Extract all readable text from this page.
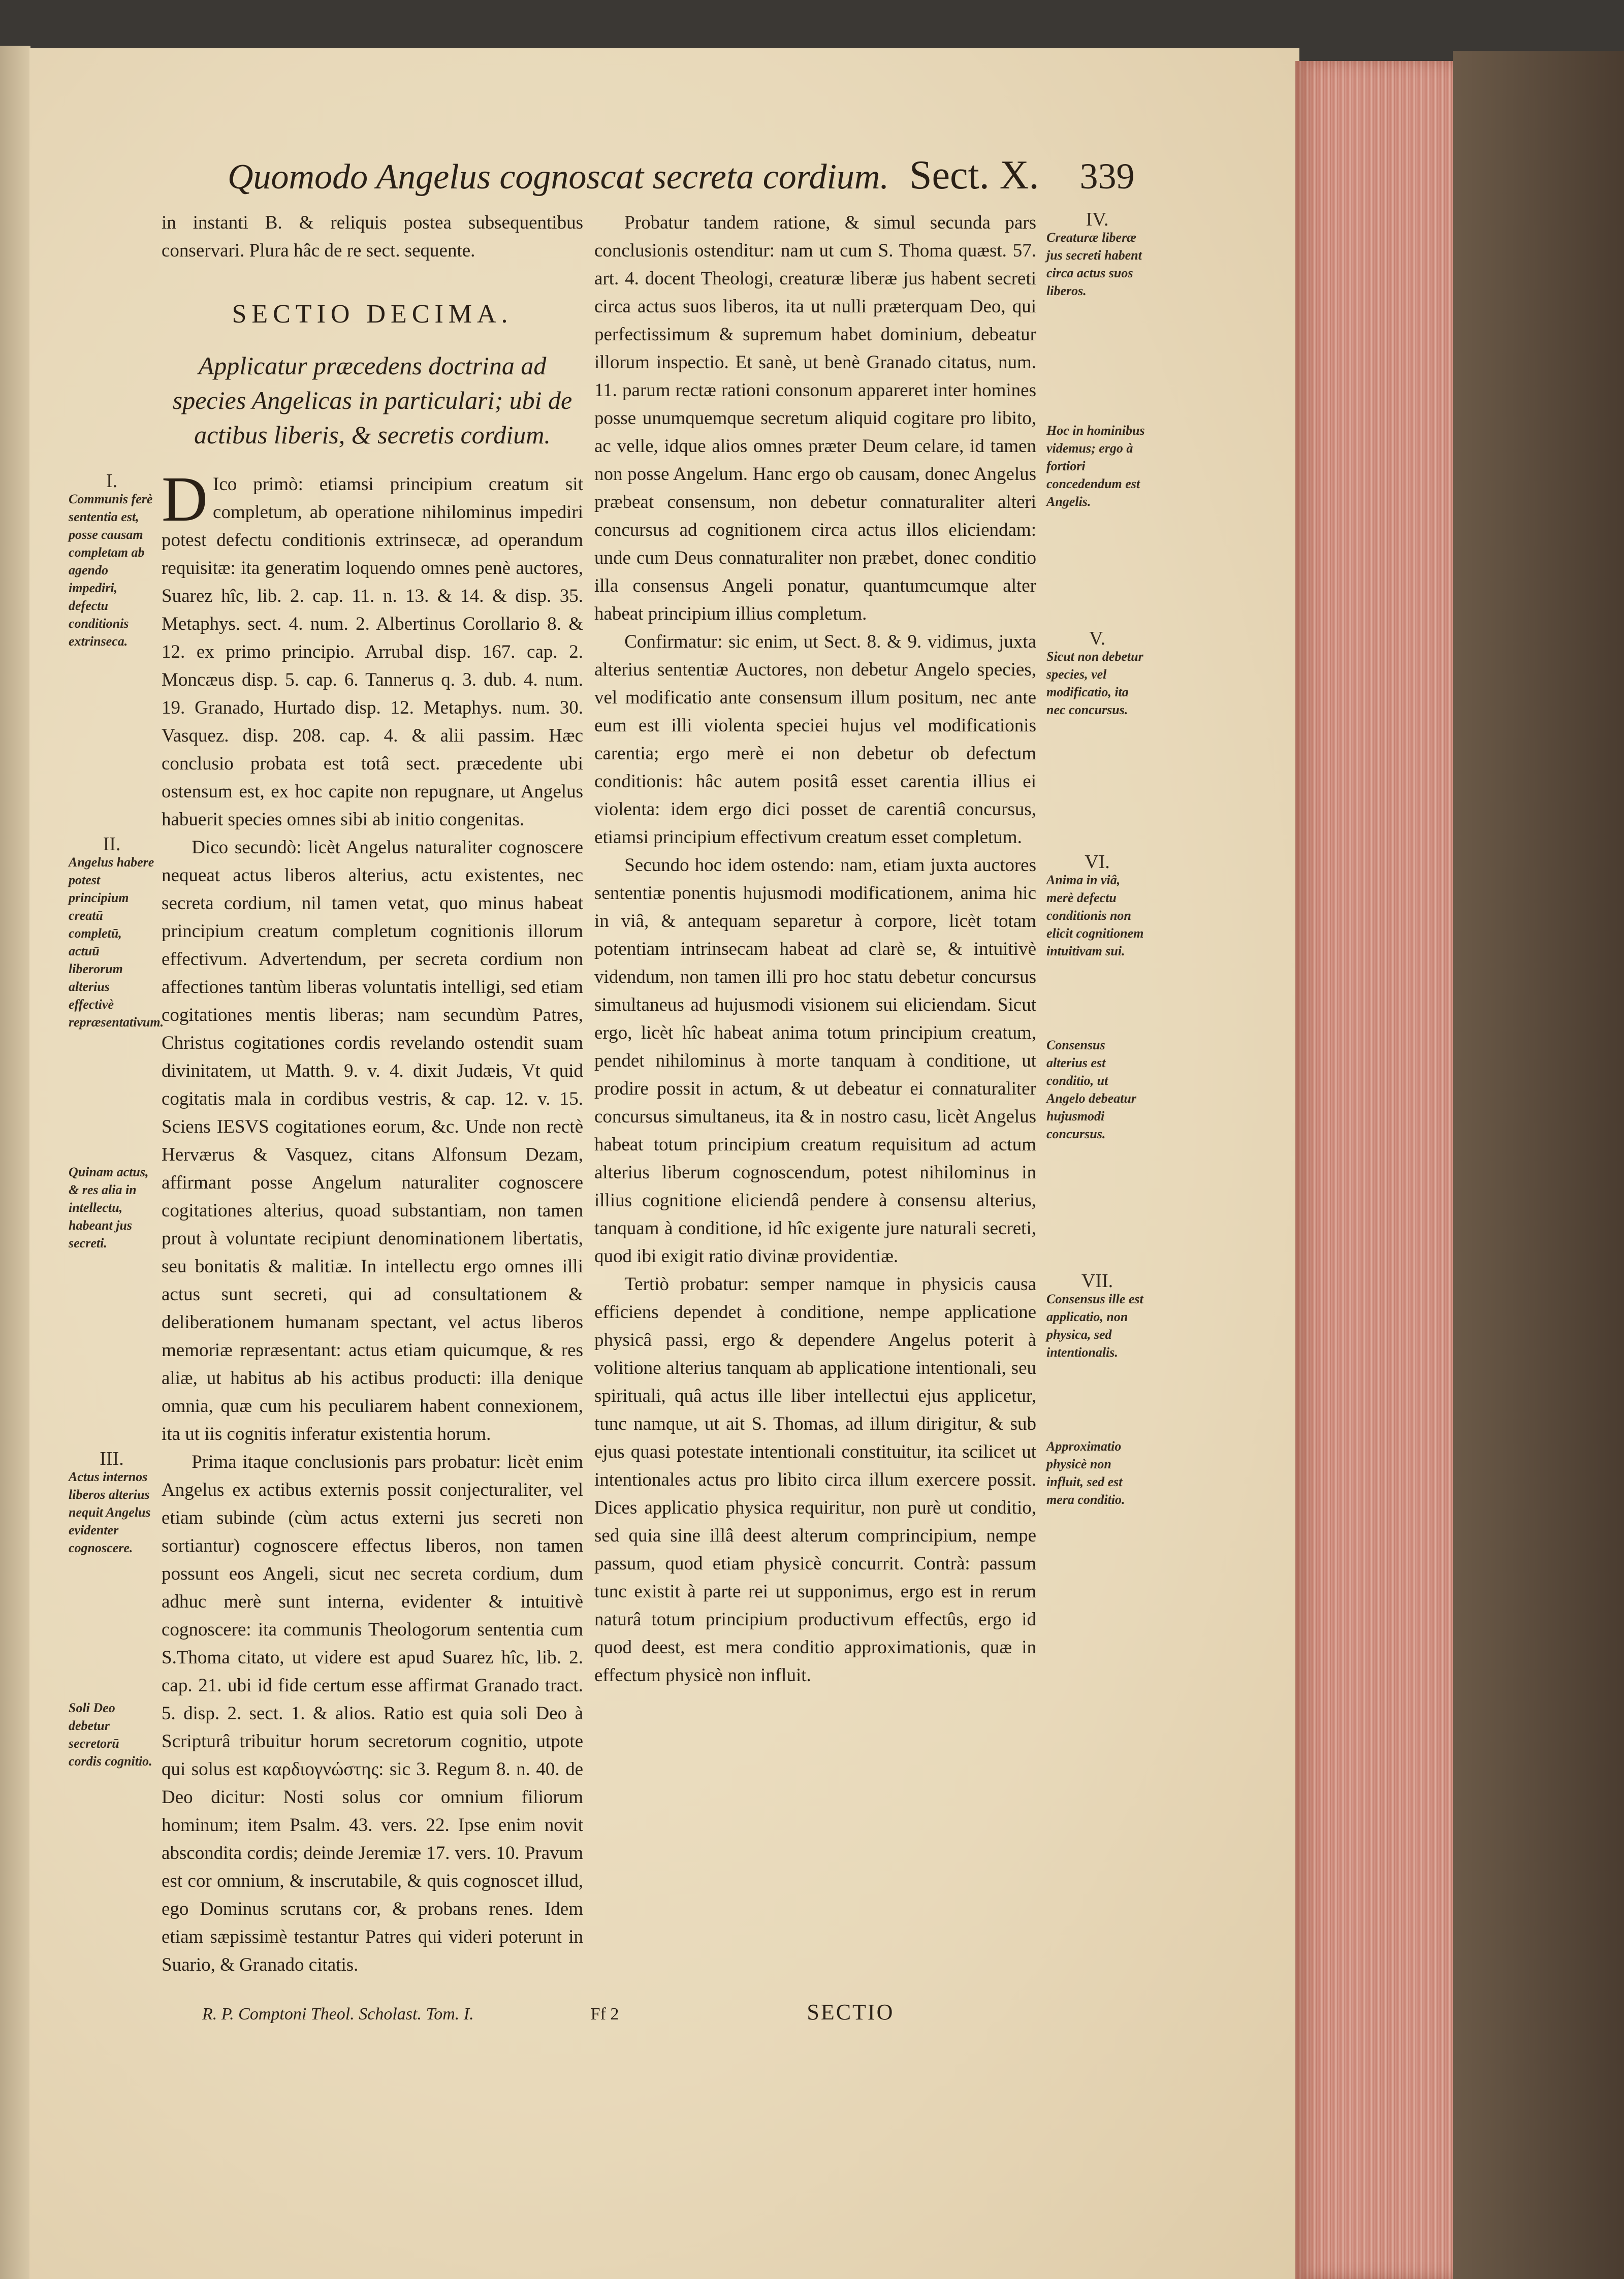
Quomodo Angelus cognoscat secreta cordium. Sect. X. 339

in instanti B. & reliquis postea subsequentibus conservari. Plura hâc de re sect. sequente.

SECTIO DECIMA.
Applicatur præcedens doctrina ad species Angelicas in particulari; ubi de actibus liberis, & secretis cordium.
I.
Communis ferè sententia est, posse causam completam ab agendo impediri, defectu conditionis extrinseca.
D Ico primò: etiamsi principium creatum sit completum, ab operatione nihilominus impediri potest defectu conditionis extrinsecæ, ad operandum requisitæ: ita generatim loquendo omnes penè auctores, Suarez hîc, lib. 2. cap. 11. n. 13. & 14. & disp. 35. Metaphys. sect. 4. num. 2. Albertinus Corollario 8. & 12. ex primo principio. Arrubal disp. 167. cap. 2. Moncæus disp. 5. cap. 6. Tannerus q. 3. dub. 4. num. 19. Granado, Hurtado disp. 12. Metaphys. num. 30. Vasquez. disp. 208. cap. 4. & alii passim. Hæc conclusio probata est totâ sect. præcedente ubi ostensum est, ex hoc capite non repugnare, ut Angelus habuerit species omnes sibi ab initio congenitas.
II.
Angelus habere potest principium creatū completū, actuū liberorum alterius effectivè repræsentativum.
Quinam actus, & res alia in intellectu, habeant jus secreti.

Dico secundò: licèt Angelus naturaliter cognoscere nequeat actus liberos alterius, actu existentes, nec secreta cordium, nil tamen vetat, quo minus habeat principium creatum completum cognitionis illorum effectivum. Advertendum, per secreta cordium non affectiones tantùm liberas voluntatis intelligi, sed etiam cogitationes mentis liberas; nam secundùm Patres, Christus cogitationes cordis revelando ostendit suam divinitatem, ut Matth. 9. v. 4. dixit Judæis, Vt quid cogitatis mala in cordibus vestris, & cap. 12. v. 15. Sciens IESVS cogitationes eorum, &c. Unde non rectè Herværus & Vasquez, citans Alfonsum Dezam, affirmant posse Angelum naturaliter cognoscere cogitationes alterius, quoad substantiam, non tamen prout à voluntate recipiunt denominationem libertatis, seu bonitatis & malitiæ. In intellectu ergo omnes illi actus sunt secreti, qui ad consultationem & deliberationem humanam spectant, vel actus liberos memoriæ repræsentant: actus etiam quicumque, & res aliæ, ut habitus ab his actibus producti: illa denique omnia, quæ cum his peculiarem habent connexionem, ita ut iis cognitis inferatur existentia horum.

III.
Actus internos liberos alterius nequit Angelus evidenter cognoscere.
Soli Deo debetur secretorū cordis cognitio.

Prima itaque conclusionis pars probatur: licèt enim Angelus ex actibus externis possit conjecturaliter, vel etiam subinde (cùm actus externi jus secreti non sortiantur) cognoscere effectus liberos, non tamen possunt eos Angeli, sicut nec secreta cordium, dum adhuc merè sunt interna, evidenter & intuitivè cognoscere: ita communis Theologorum sententia cum S.Thoma citato, ut videre est apud Suarez hîc, lib. 2. cap. 21. ubi id fide certum esse affirmat Granado tract. 5. disp. 2. sect. 1. & alios. Ratio est quia soli Deo à Scripturâ tribuitur horum secretorum cognitio, utpote qui solus est καρδιογνώστης: sic 3. Regum 8. n. 40. de Deo dicitur: Nosti solus cor omnium filiorum hominum; item Psalm. 43. vers. 22. Ipse enim novit abscondita cordis; deinde Jeremiæ 17. vers. 10. Pravum est cor omnium, & inscrutabile, & quis cognoscet illud, ego Dominus scrutans cor, & probans renes. Idem etiam sæpissimè testantur Patres qui videri poterunt in Suario, & Granado citatis.

IV.
Creaturæ liberæ jus secreti habent circa actus suos liberos.
Hoc in hominibus videmus; ergo à fortiori concedendum est Angelis.

Probatur tandem ratione, & simul secunda pars conclusionis ostenditur: nam ut cum S. Thoma quæst. 57. art. 4. docent Theologi, creaturæ liberæ jus habent secreti circa actus suos liberos, ita ut nulli præterquam Deo, qui perfectissimum & supremum habet dominium, debeatur illorum inspectio. Et sanè, ut benè Granado citatus, num. 11. parum rectæ rationi consonum appareret inter homines posse unumquemque secretum aliquid cogitare pro libito, ac velle, idque alios omnes præter Deum celare, id tamen non posse Angelum. Hanc ergo ob causam, donec Angelus præbeat consensum, non debetur connaturaliter alteri concursus ad cognitionem circa actus illos eliciendam: unde cum Deus connaturaliter non præbet, donec conditio illa consensus Angeli ponatur, quantumcumque alter habeat principium illius completum.

V.
Sicut non debetur species, vel modificatio, ita nec concursus.

Confirmatur: sic enim, ut Sect. 8. & 9. vidimus, juxta alterius sententiæ Auctores, non debetur Angelo species, vel modificatio ante consensum illum positum, nec ante eum est illi violenta speciei hujus vel modificationis carentia; ergo merè ei non debetur ob defectum conditionis: hâc autem positâ esset carentia illius ei violenta: idem ergo dici posset de carentiâ concursus, etiamsi principium effectivum creatum esset completum.

VI.
Anima in viâ, merè defectu conditionis non elicit cognitionem intuitivam sui.
Consensus alterius est conditio, ut Angelo debeatur hujusmodi concursus.

Secundo hoc idem ostendo: nam, etiam juxta auctores sententiæ ponentis hujusmodi modificationem, anima hic in viâ, & antequam separetur à corpore, licèt totam potentiam intrinsecam habeat ad clarè se, & intuitivè videndum, non tamen illi pro hoc statu debetur concursus simultaneus ad hujusmodi visionem sui eliciendam. Sicut ergo, licèt hîc habeat anima totum principium creatum, pendet nihilominus à morte tanquam à conditione, ut prodire possit in actum, & ut debeatur ei connaturaliter concursus simultaneus, ita & in nostro casu, licèt Angelus habeat totum principium creatum requisitum ad actum alterius liberum cognoscendum, potest nihilominus in illius cognitione eliciendâ pendere à consensu alterius, tanquam à conditione, id hîc exigente jure naturali secreti, quod ibi exigit ratio divinæ providentiæ.

VII.
Consensus ille est applicatio, non physica, sed intentionalis.
Approximatio physicè non influit, sed est mera conditio.

Tertiò probatur: semper namque in physicis causa efficiens dependet à conditione, nempe applicatione physicâ passi, ergo & dependere Angelus poterit à volitione alterius tanquam ab applicatione intentionali, seu spirituali, quâ actus ille liber intellectui ejus applicetur, tunc namque, ut ait S. Thomas, ad illum dirigitur, & sub ejus quasi potestate intentionali constituitur, ita scilicet ut intentionales actus pro libito circa illum exercere possit. Dices applicatio physica requiritur, non purè ut conditio, sed quia sine illâ deest alterum comprincipium, nempe passum, quod etiam physicè concurrit. Contrà: passum tunc existit à parte rei ut supponimus, ergo est in rerum naturâ totum principium productivum effectûs, ergo id quod deest, est mera conditio approximationis, quæ in effectum physicè non influit.

R. P. Comptoni Theol. Scholast. Tom. I.	Ff 2	SECTIO
